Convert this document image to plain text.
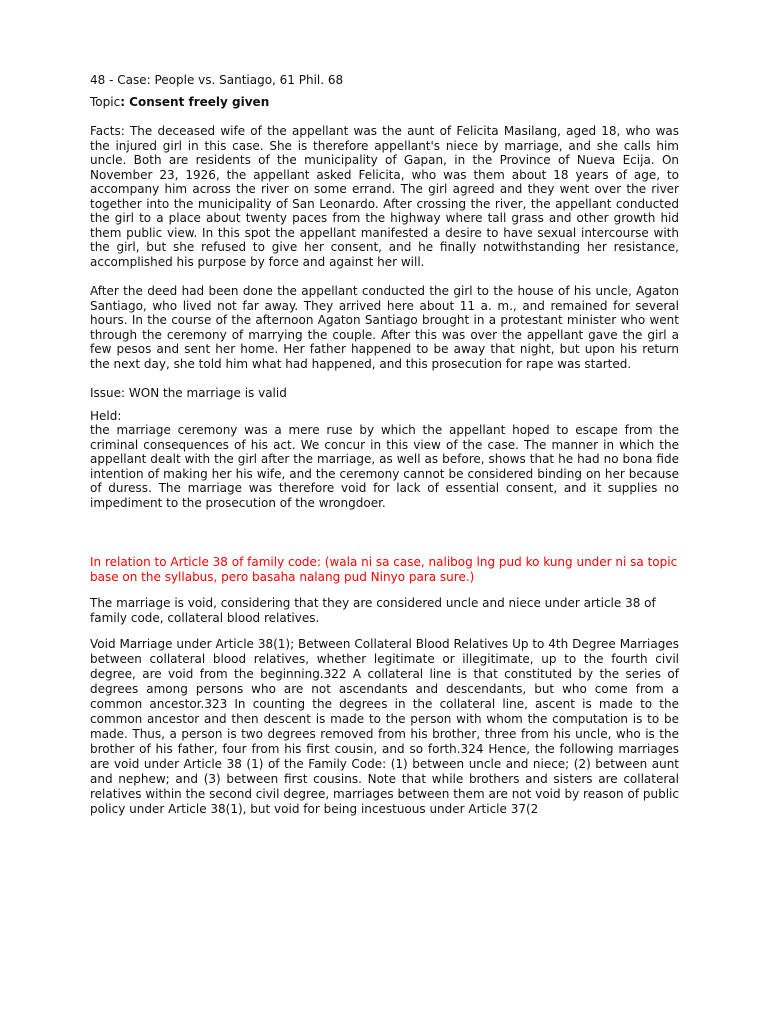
48 - Case: People vs. Santiago, 61 Phil. 68

Topic: Consent freely given

Facts: The deceased wife of the appellant was the aunt of Felicita Masilang, aged 18, who was the injured girl in this case. She is therefore appellant's niece by marriage, and she calls him uncle. Both are residents of the municipality of Gapan, in the Province of Nueva Ecija. On November 23, 1926, the appellant asked Felicita, who was them about 18 years of age, to accompany him across the river on some errand. The girl agreed and they went over the river together into the municipality of San Leonardo. After crossing the river, the appellant conducted the girl to a place about twenty paces from the highway where tall grass and other growth hid them public view. In this spot the appellant manifested a desire to have sexual intercourse with the girl, but she refused to give her consent, and he finally notwithstanding her resistance, accomplished his purpose by force and against her will.

After the deed had been done the appellant conducted the girl to the house of his uncle, Agaton Santiago, who lived not far away. They arrived here about 11 a. m., and remained for several hours. In the course of the afternoon Agaton Santiago brought in a protestant minister who went through the ceremony of marrying the couple. After this was over the appellant gave the girl a few pesos and sent her home. Her father happened to be away that night, but upon his return the next day, she told him what had happened, and this prosecution for rape was started.

Issue: WON the marriage is valid

Held:

the marriage ceremony was a mere ruse by which the appellant hoped to escape from the criminal consequences of his act. We concur in this view of the case. The manner in which the appellant dealt with the girl after the marriage, as well as before, shows that he had no bona fide intention of making her his wife, and the ceremony cannot be considered binding on her because of duress. The marriage was therefore void for lack of essential consent, and it supplies no impediment to the prosecution of the wrongdoer.

In relation to Article 38 of family code: (wala ni sa case, nalibog lng pud ko kung under ni sa topic base on the syllabus, pero basaha nalang pud Ninyo para sure.)

The marriage is void, considering that they are considered uncle and niece under article 38 of family code, collateral blood relatives.

Void Marriage under Article 38(1); Between Collateral Blood Relatives Up to 4th Degree Marriages between collateral blood relatives, whether legitimate or illegitimate, up to the fourth civil degree, are void from the beginning.322 A collateral line is that constituted by the series of degrees among persons who are not ascendants and descendants, but who come from a common ancestor.323 In counting the degrees in the collateral line, ascent is made to the common ancestor and then descent is made to the person with whom the computation is to be made. Thus, a person is two degrees removed from his brother, three from his uncle, who is the brother of his father, four from his first cousin, and so forth.324 Hence, the following marriages are void under Article 38 (1) of the Family Code: (1) between uncle and niece; (2) between aunt and nephew; and (3) between first cousins. Note that while brothers and sisters are collateral relatives within the second civil degree, marriages between them are not void by reason of public policy under Article 38(1), but void for being incestuous under Article 37(2
